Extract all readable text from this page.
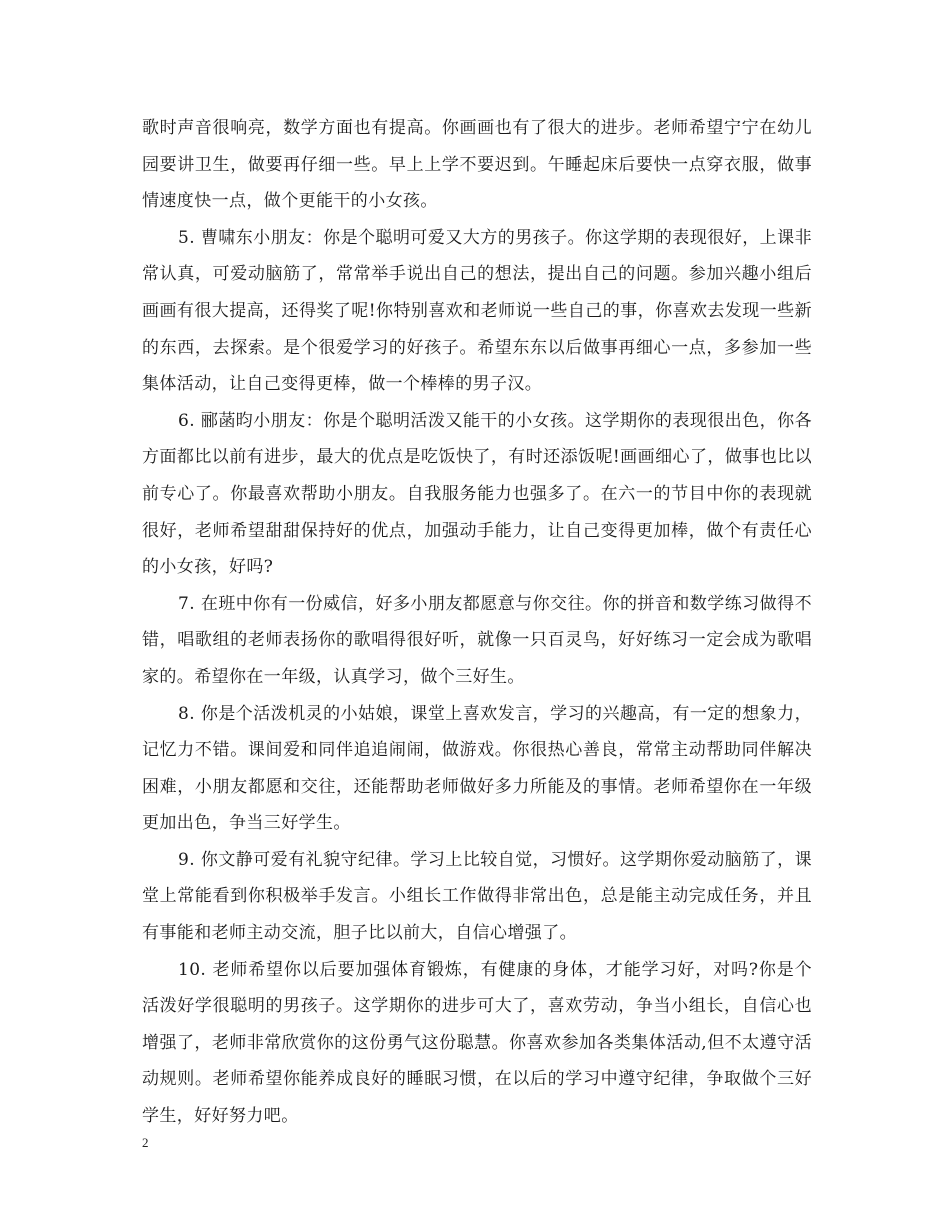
歌时声音很响亮，数学方面也有提高。你画画也有了很大的进步。老师希望宁宁在幼儿园要讲卫生，做要再仔细一些。早上上学不要迟到。午睡起床后要快一点穿衣服，做事情速度快一点，做个更能干的小女孩。

5. 曹啸东小朋友：你是个聪明可爱又大方的男孩子。你这学期的表现很好，上课非常认真，可爱动脑筋了，常常举手说出自己的想法，提出自己的问题。参加兴趣小组后画画有很大提高，还得奖了呢!你特别喜欢和老师说一些自己的事，你喜欢去发现一些新的东西，去探索。是个很爱学习的好孩子。希望东东以后做事再细心一点，多参加一些集体活动，让自己变得更棒，做一个棒棒的男子汉。

6. 郦菡昀小朋友：你是个聪明活泼又能干的小女孩。这学期你的表现很出色，你各方面都比以前有进步，最大的优点是吃饭快了，有时还添饭呢!画画细心了，做事也比以前专心了。你最喜欢帮助小朋友。自我服务能力也强多了。在六一的节目中你的表现就很好，老师希望甜甜保持好的优点，加强动手能力，让自己变得更加棒，做个有责任心的小女孩，好吗?

7. 在班中你有一份威信，好多小朋友都愿意与你交往。你的拼音和数学练习做得不错，唱歌组的老师表扬你的歌唱得很好听，就像一只百灵鸟，好好练习一定会成为歌唱家的。希望你在一年级，认真学习，做个三好生。

8. 你是个活泼机灵的小姑娘，课堂上喜欢发言，学习的兴趣高，有一定的想象力，记忆力不错。课间爱和同伴追追闹闹，做游戏。你很热心善良，常常主动帮助同伴解决困难，小朋友都愿和交往，还能帮助老师做好多力所能及的事情。老师希望你在一年级更加出色，争当三好学生。

9. 你文静可爱有礼貌守纪律。学习上比较自觉，习惯好。这学期你爱动脑筋了，课堂上常能看到你积极举手发言。小组长工作做得非常出色，总是能主动完成任务，并且有事能和老师主动交流，胆子比以前大，自信心增强了。

10. 老师希望你以后要加强体育锻炼，有健康的身体，才能学习好，对吗?你是个活泼好学很聪明的男孩子。这学期你的进步可大了，喜欢劳动，争当小组长，自信心也增强了，老师非常欣赏你的这份勇气这份聪慧。你喜欢参加各类集体活动,但不太遵守活动规则。老师希望你能养成良好的睡眠习惯，在以后的学习中遵守纪律，争取做个三好学生，好好努力吧。

2
